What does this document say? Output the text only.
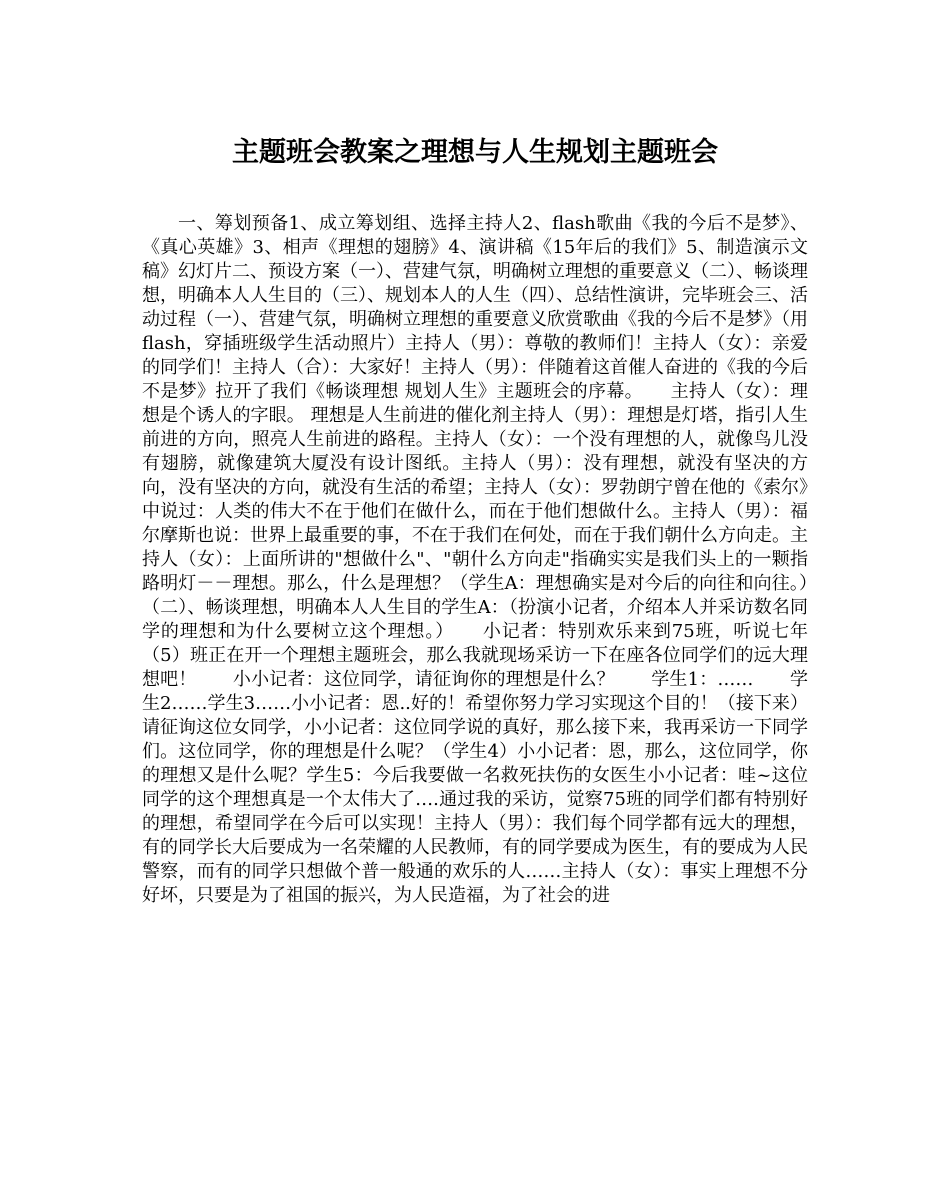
主题班会教案之理想与人生规划主题班会

一、筹划预备1、成立筹划组、选择主持人2、flash歌曲《我的今后不是梦》、《真心英雄》3、相声《理想的翅膀》4、演讲稿《15年后的我们》5、制造演示文稿》幻灯片二、预设方案（一）、营建气氛，明确树立理想的重要意义（二）、畅谈理想，明确本人人生目的（三）、规划本人的人生（四）、总结性演讲，完毕班会三、活动过程（一）、营建气氛，明确树立理想的重要意义欣赏歌曲《我的今后不是梦》（用flash，穿插班级学生活动照片）主持人（男）：尊敬的教师们！主持人（女）：亲爱的同学们！主持人（合）：大家好！主持人（男）：伴随着这首催人奋进的《我的今后不是梦》拉开了我们《畅谈理想 规划人生》主题班会的序幕。　　主持人（女）：理想是个诱人的字眼。 理想是人生前进的催化剂主持人（男）：理想是灯塔，指引人生前进的方向，照亮人生前进的路程。主持人（女）：一个没有理想的人，就像鸟儿没有翅膀，就像建筑大厦没有设计图纸。主持人（男）：没有理想，就没有坚决的方向，没有坚决的方向，就没有生活的希望；主持人（女）：罗勃朗宁曾在他的《索尔》中说过：人类的伟大不在于他们在做什么，而在于他们想做什么。主持人（男）：福尔摩斯也说：世界上最重要的事，不在于我们在何处，而在于我们朝什么方向走。主持人（女）：上面所讲的"想做什么"、"朝什么方向走"指确实实是我们头上的一颗指路明灯－－理想。那么，什么是理想？（学生A：理想确实是对今后的向往和向往。）（二）、畅谈理想，明确本人人生目的学生A：（扮演小记者，介绍本人并采访数名同学的理想和为什么要树立这个理想。）　　小记者：特别欢乐来到75班，听说七年（5）班正在开一个理想主题班会，那么我就现场采访一下在座各位同学们的远大理想吧！　　小小记者：这位同学，请征询你的理想是什么？　　学生1：……　　学生2……学生3……小小记者：恩..好的！希望你努力学习实现这个目的！（接下来）请征询这位女同学，小小记者：这位同学说的真好，那么接下来，我再采访一下同学们。这位同学，你的理想是什么呢？（学生4）小小记者：恩，那么，这位同学，你的理想又是什么呢？学生5：今后我要做一名救死扶伤的女医生小小记者：哇~这位同学的这个理想真是一个太伟大了….通过我的采访，觉察75班的同学们都有特别好的理想，希望同学在今后可以实现！主持人（男）：我们每个同学都有远大的理想，有的同学长大后要成为一名荣耀的人民教师，有的同学要成为医生，有的要成为人民警察，而有的同学只想做个普一般通的欢乐的人……主持人（女）：事实上理想不分好坏，只要是为了祖国的振兴，为人民造福，为了社会的进
